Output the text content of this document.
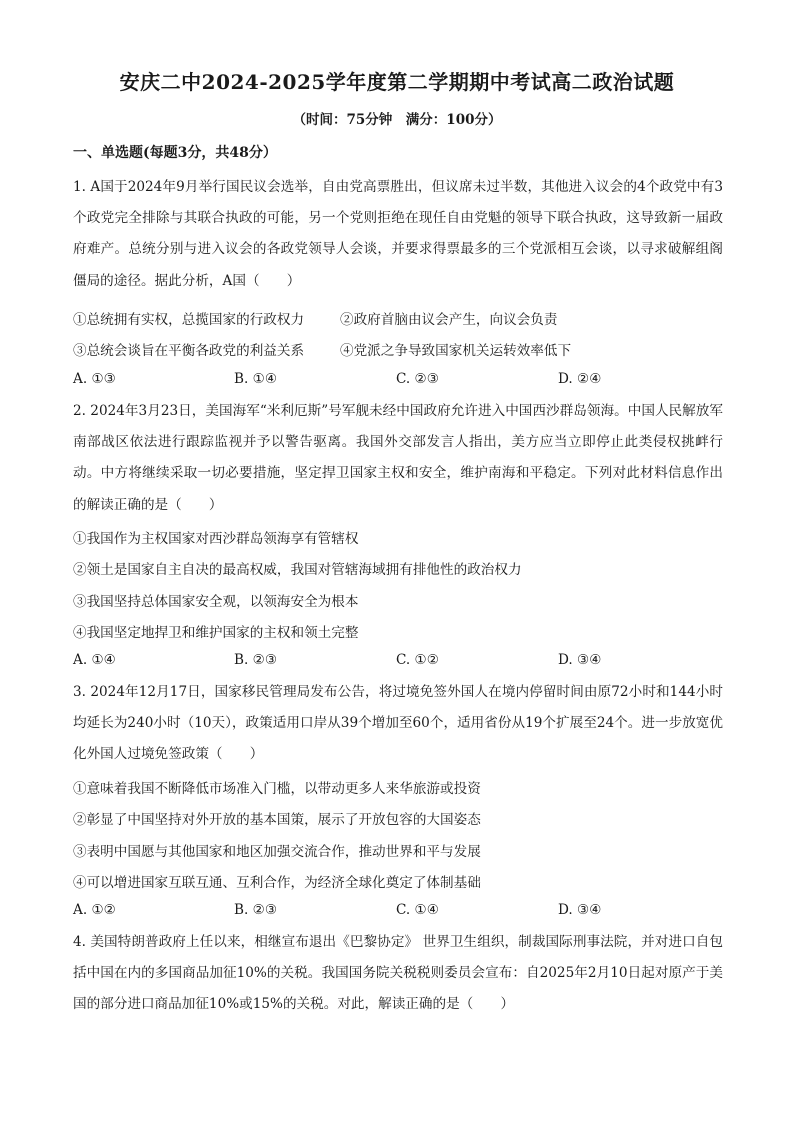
安庆二中2024-2025学年度第二学期期中考试高二政治试题
（时间：75分钟　满分：100分）
一、单选题(每题3分，共48分）
1. A国于2024年9月举行国民议会选举，自由党高票胜出，但议席未过半数，其他进入议会的4个政党中有3个政党完全排除与其联合执政的可能，另一个党则拒绝在现任自由党魁的领导下联合执政，这导致新一届政府难产。总统分别与进入议会的各政党领导人会谈，并要求得票最多的三个党派相互会谈，以寻求破解组阁僵局的途径。据此分析，A国（　　）
①总统拥有实权，总揽国家的行政权力	②政府首脑由议会产生，向议会负责
③总统会谈旨在平衡各政党的利益关系	④党派之争导致国家机关运转效率低下
A. ①③	B. ①④	C. ②③	D. ②④
2. 2024年3月23日，美国海军“米利厄斯”号军舰未经中国政府允许进入中国西沙群岛领海。中国人民解放军南部战区依法进行跟踪监视并予以警告驱离。我国外交部发言人指出，美方应当立即停止此类侵权挑衅行动。中方将继续采取一切必要措施，坚定捍卫国家主权和安全，维护南海和平稳定。下列对此材料信息作出的解读正确的是（　　）
①我国作为主权国家对西沙群岛领海享有管辖权
②领土是国家自主自决的最高权威，我国对管辖海域拥有排他性的政治权力
③我国坚持总体国家安全观，以领海安全为根本
④我国坚定地捍卫和维护国家的主权和领土完整
A. ①④	B. ②③	C. ①②	D. ③④
3. 2024年12月17日，国家移民管理局发布公告，将过境免签外国人在境内停留时间由原72小时和144小时均延长为240小时（10天），政策适用口岸从39个增加至60个，适用省份从19个扩展至24个。进一步放宽优化外国人过境免签政策（　　）
①意味着我国不断降低市场准入门槛，以带动更多人来华旅游或投资
②彰显了中国坚持对外开放的基本国策，展示了开放包容的大国姿态
③表明中国愿与其他国家和地区加强交流合作，推动世界和平与发展
④可以增进国家互联互通、互利合作，为经济全球化奠定了体制基础
A. ①②	B. ②③	C. ①④	D. ③④
4. 美国特朗普政府上任以来，相继宣布退出《巴黎协定》 世界卫生组织，制裁国际刑事法院，并对进口自包括中国在内的多国商品加征10%的关税。我国国务院关税税则委员会宣布：自2025年2月10日起对原产于美国的部分进口商品加征10%或15%的关税。对此，解读正确的是（　　）
